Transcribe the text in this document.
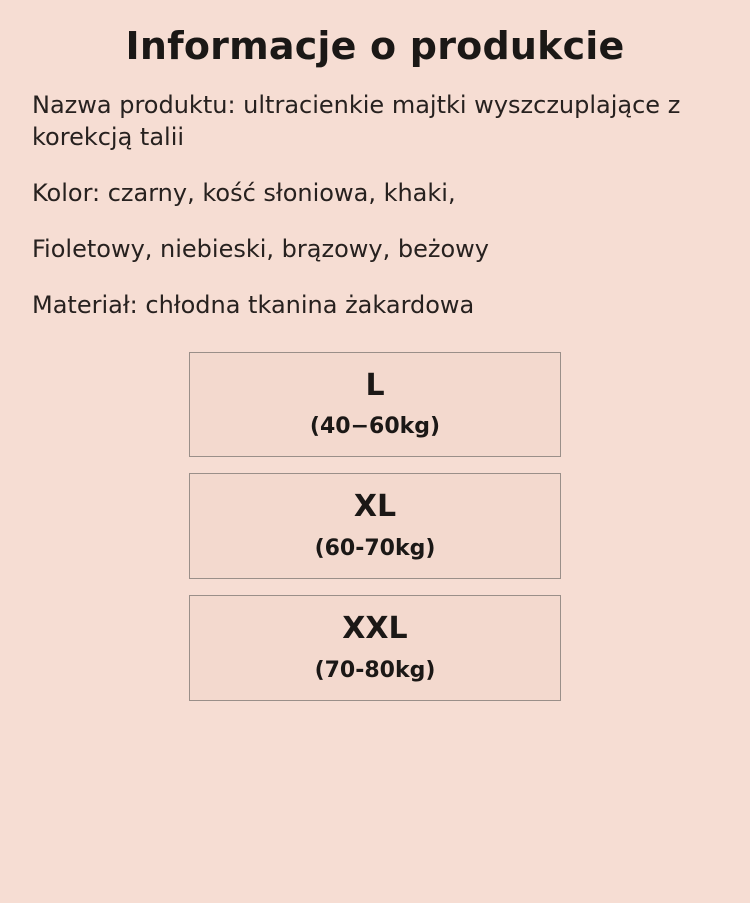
Informacje o produkcie
Nazwa produktu: ultracienkie majtki wyszczuplające z korekcją talii
Kolor: czarny, kość słoniowa, khaki,
Fioletowy, niebieski, brązowy, beżowy
Materiał: chłodna tkanina żakardowa
L
(40−60kg)
XL
(60-70kg)
XXL
(70-80kg)
